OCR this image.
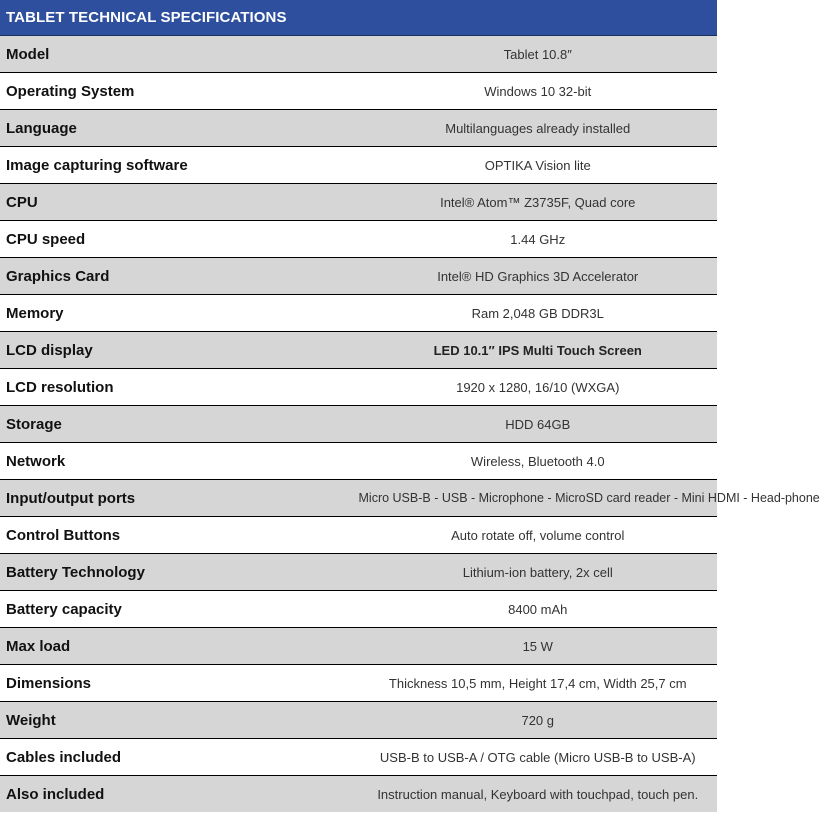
TABLET TECHNICAL SPECIFICATIONS	
Model	Tablet 10.8″
Operating System	Windows 10 32-bit
Language	Multilanguages already installed
Image capturing software	OPTIKA Vision lite
CPU	Intel® Atom™ Z3735F, Quad core
CPU speed	1.44 GHz
Graphics Card	Intel® HD Graphics 3D Accelerator
Memory	Ram 2,048 GB DDR3L
LCD display	LED 10.1″ IPS Multi Touch Screen
LCD resolution	1920 x 1280, 16/10 (WXGA)
Storage	HDD 64GB
Network	Wireless, Bluetooth 4.0
Input/output ports	Micro USB-B - USB - Microphone - MicroSD card reader - Mini HDMI - Head-phone
Control Buttons	Auto rotate off, volume control
Battery Technology	Lithium-ion battery, 2x cell
Battery capacity	8400 mAh
Max load	15 W
Dimensions	Thickness 10,5 mm, Height 17,4 cm, Width 25,7 cm
Weight	720 g
Cables included	USB-B to USB-A / OTG cable (Micro USB-B to USB-A)
Also included	Instruction manual, Keyboard with touchpad, touch pen.
